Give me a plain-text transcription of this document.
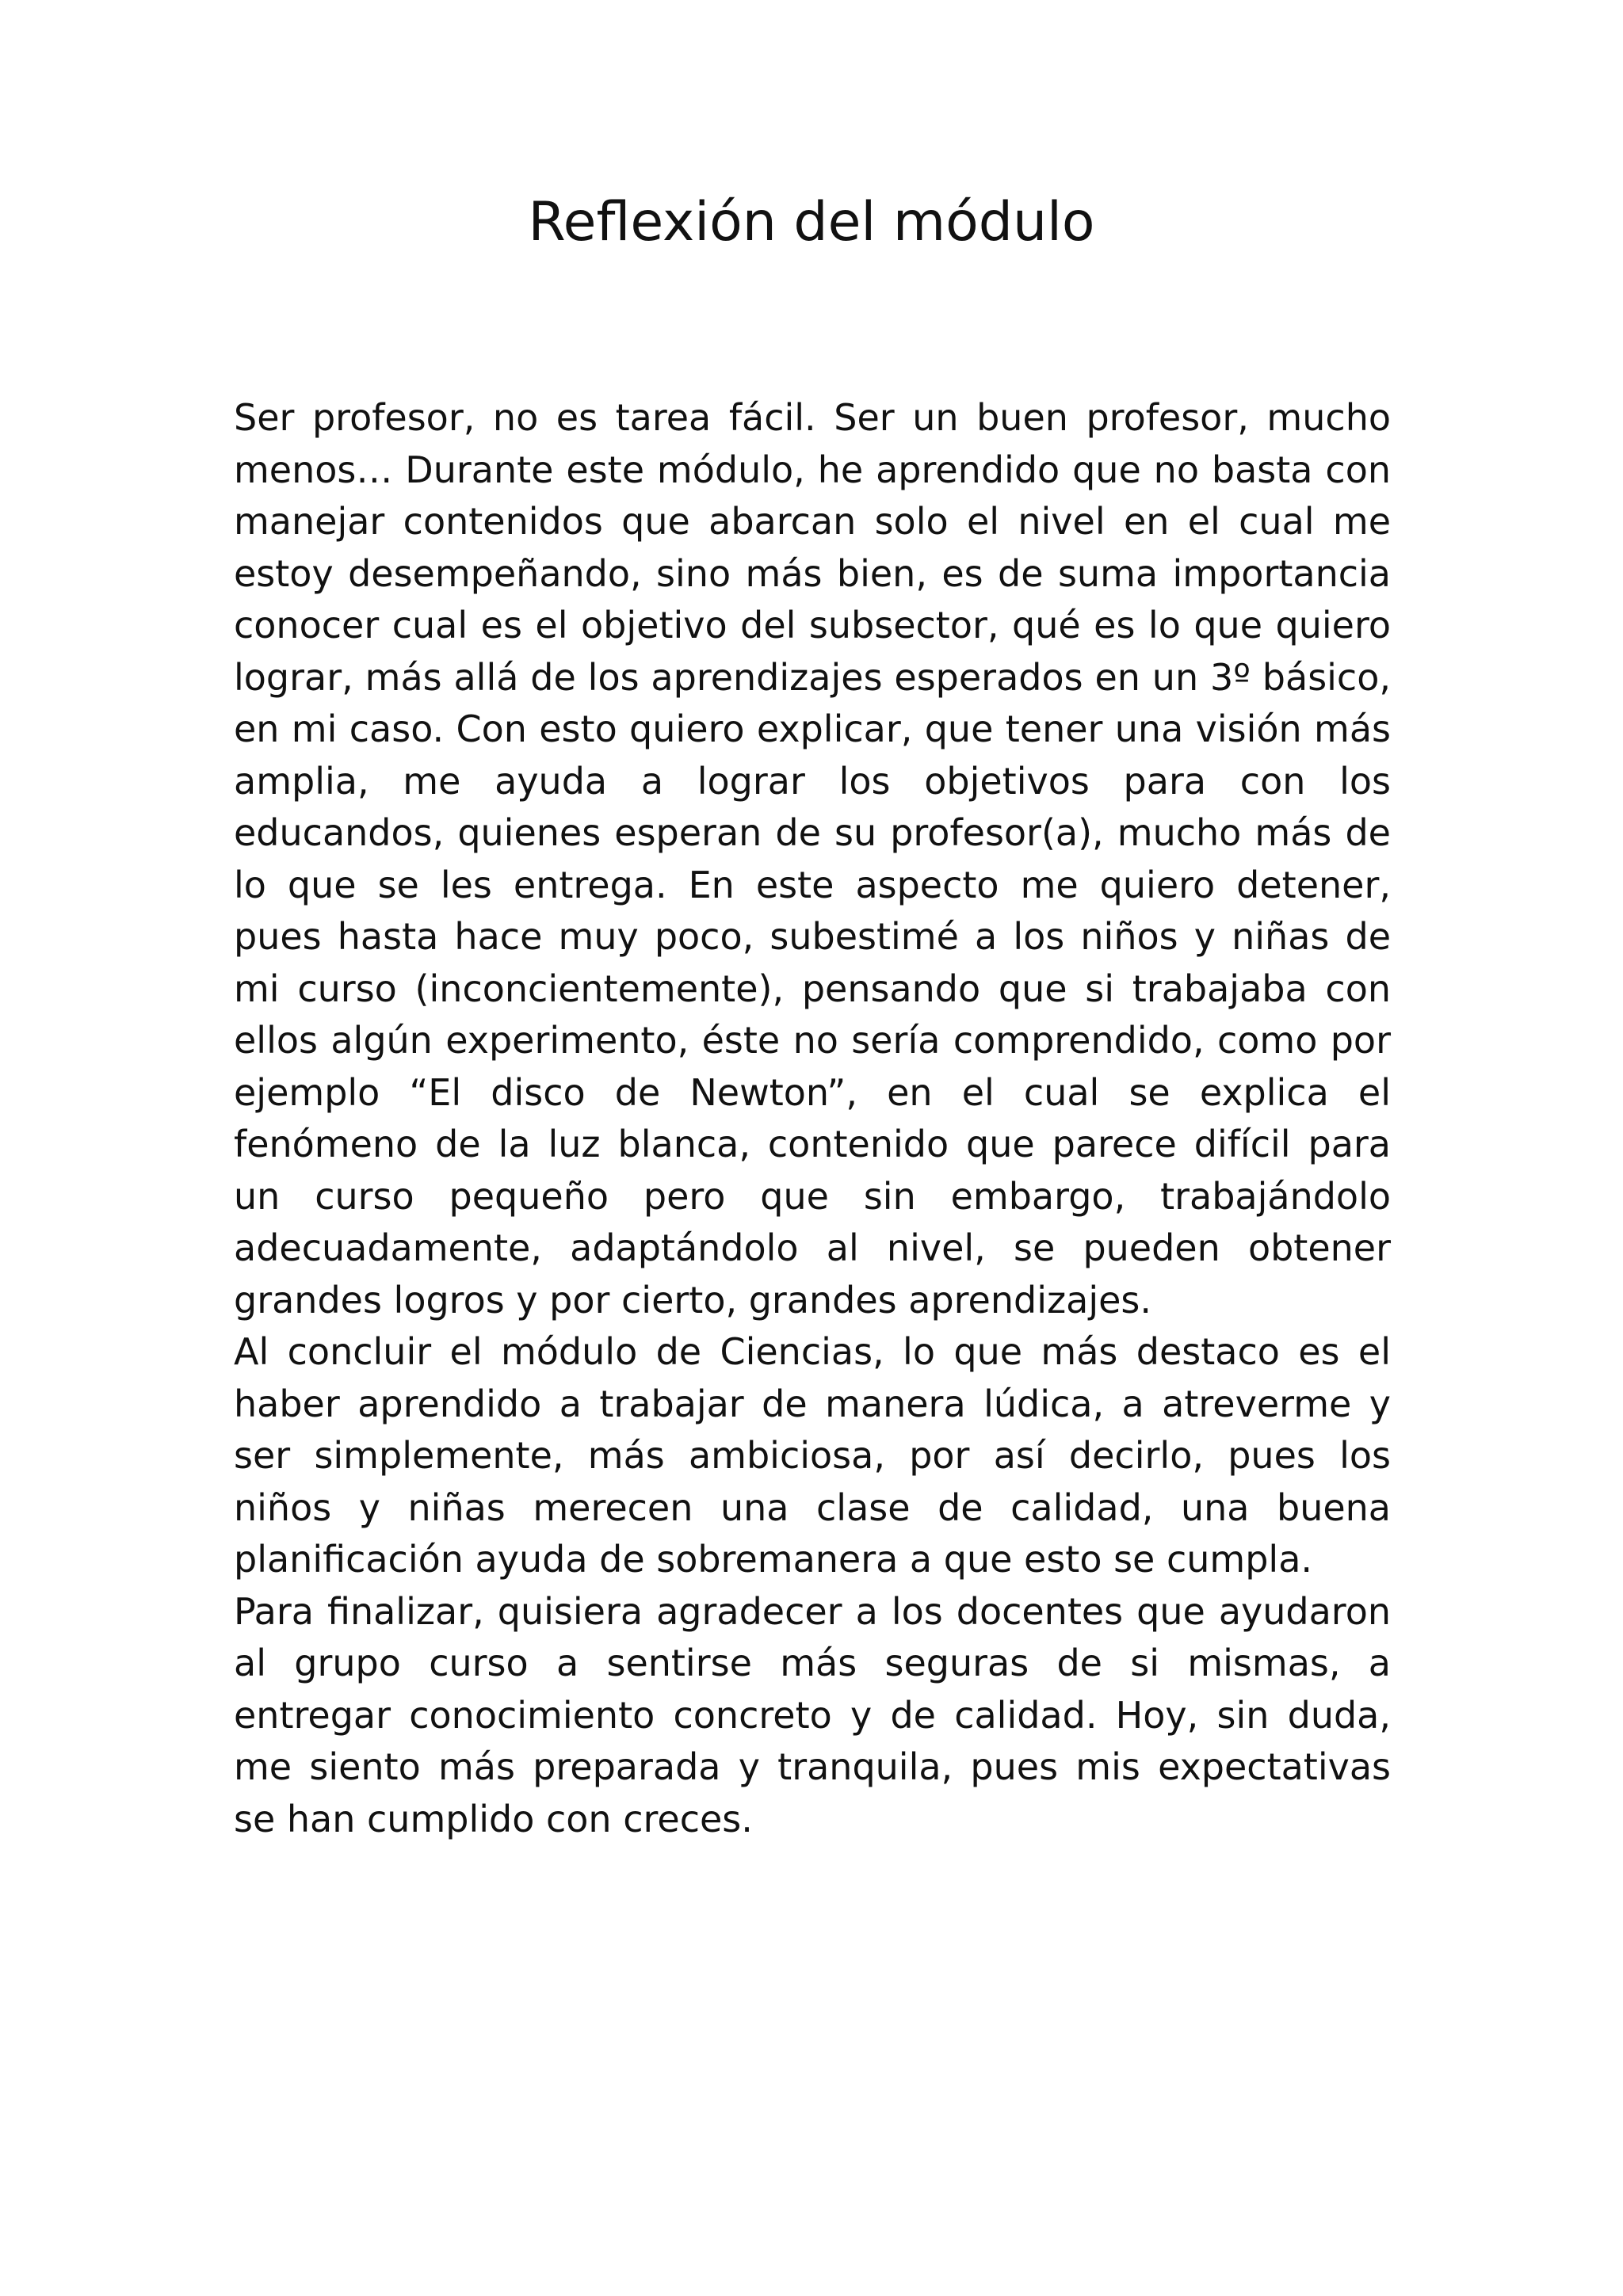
Reflexión del módulo

Ser profesor, no es tarea fácil. Ser un buen profesor, mucho menos… Durante este módulo, he aprendido que no basta con manejar contenidos que abarcan solo el nivel en el cual me estoy desempeñando, sino más bien, es de suma importancia conocer cual es el objetivo del subsector, qué es lo que quiero lograr, más allá de los aprendizajes esperados en un 3º básico, en mi caso. Con esto quiero explicar, que tener una visión más amplia, me ayuda a lograr los objetivos para con los educandos, quienes esperan de su profesor(a), mucho más de lo que se les entrega. En este aspecto me quiero detener, pues hasta hace muy poco, subestimé a los niños y niñas de mi curso (inconcientemente), pensando que si trabajaba con ellos algún experimento, éste no sería comprendido, como por ejemplo “El disco de Newton”, en el cual se explica el fenómeno de la luz blanca, contenido que parece difícil para un curso pequeño pero que sin embargo, trabajándolo adecuadamente, adaptándolo al nivel, se pueden obtener grandes logros y por cierto, grandes aprendizajes.

Al concluir el módulo de Ciencias, lo que más destaco es el haber aprendido a trabajar de manera lúdica, a atreverme y ser simplemente, más ambiciosa, por así decirlo, pues los niños y niñas merecen una clase de calidad, una buena planificación ayuda de sobremanera a que esto se cumpla.

Para finalizar, quisiera agradecer a los docentes que ayudaron al grupo curso a sentirse más seguras de si mismas, a entregar conocimiento concreto y de calidad. Hoy, sin duda, me siento más preparada y tranquila, pues mis expectativas se han cumplido con creces.
